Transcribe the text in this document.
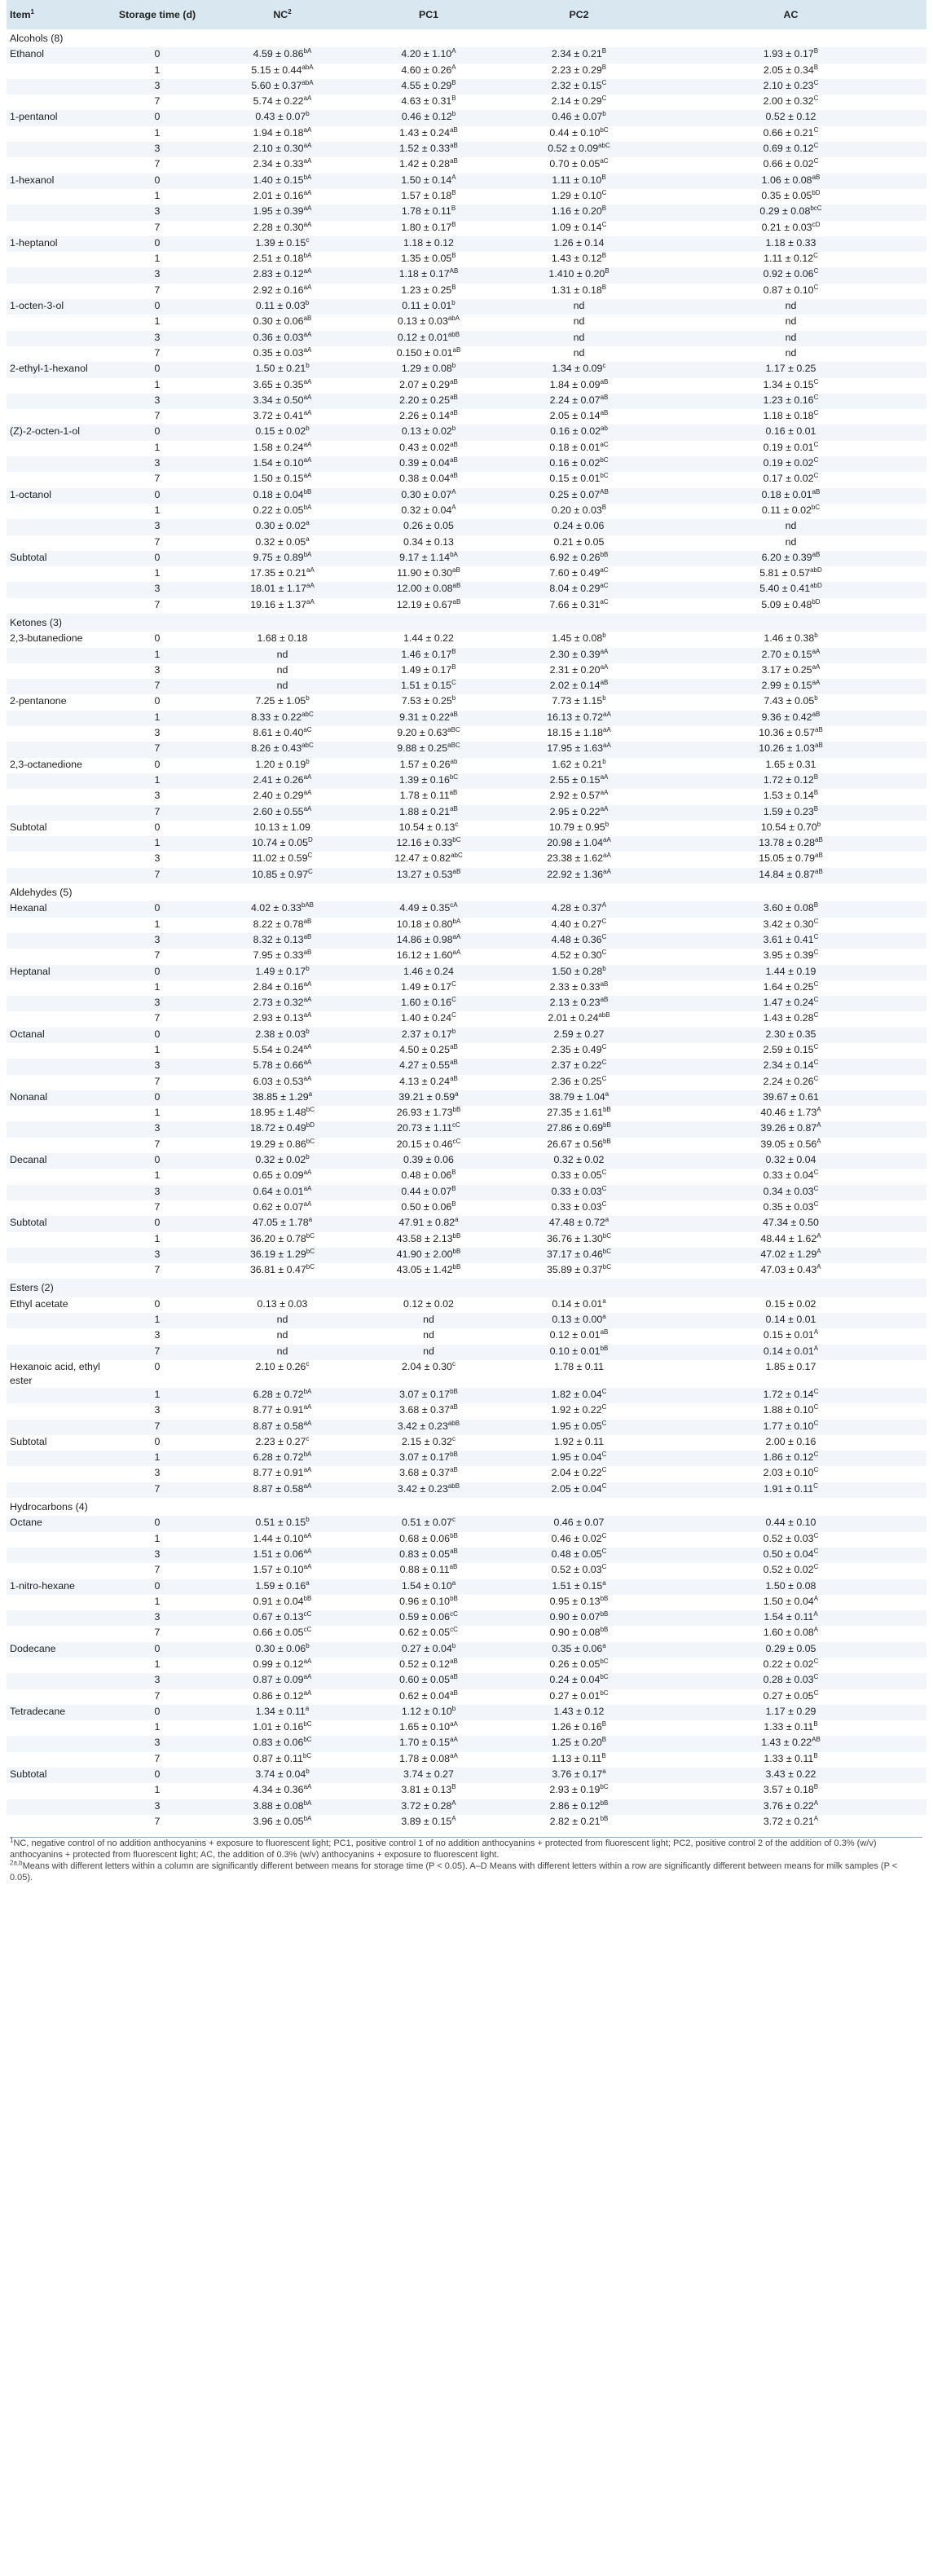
Item$^1$	Storage time (d)	$NC^2$	PC1	PC2	AC
Alcohols (8)					
Ethanol	0	$4.59 \pm 0.86^{bA}$	$4.20 \pm 1.10^A$	$2.34 \pm 0.21^B$	$1.93 \pm 0.17^B$
	1	$5.15 \pm 0.44^{abA}$	$4.60 \pm 0.26^A$	$2.23 \pm 0.29^B$	$2.05 \pm 0.34^B$
	3	$5.60 \pm 0.37^{abA}$	$4.55 \pm 0.29^B$	$2.32 \pm 0.15^C$	$2.10 \pm 0.23^C$
	7	$5.74 \pm 0.22^{aA}$	$4.63 \pm 0.31^B$	$2.14 \pm 0.29^C$	$2.00 \pm 0.32^C$
1-pentanol	0	0.43 ± 0.07$^b$	0.46 ± 0.12$^b$	0.46 ± 0.07$^b$	0.52 ± 0.12
	1	$1.94 \pm 0.18^{aA}$	$1.43 \pm 0.24^{aB}$	$0.44 \pm 0.10^{bC}$	$0.66 \pm 0.21^C$
	3	$2.10 \pm 0.30^{aA}$	$1.52 \pm 0.33^{aB}$	$0.52 \pm 0.09^{abC}$	$0.69 \pm 0.12^C$
	7	$2.34 \pm 0.33^{aA}$	$1.42 \pm 0.28^{aB}$	$0.70 \pm 0.05^{aC}$	$0.66 \pm 0.02^C$
1-hexanol	0	$1.40 \pm 0.15^{bA}$	$1.50 \pm 0.14^A$	$1.11 \pm 0.10^B$	$1.06 \pm 0.08^{aB}$
	1	$2.01 \pm 0.16^{aA}$	$1.57 \pm 0.18^B$	$1.29 \pm 0.10^C$	$0.35 \pm 0.05^{bD}$
	3	$1.95 \pm 0.39^{aA}$	$1.78 \pm 0.11^B$	$1.16 \pm 0.20^B$	$0.29 \pm 0.08^{bcC}$
	7	$2.28 \pm 0.30^{aA}$	$1.80 \pm 0.17^B$	$1.09 \pm 0.14^C$	$0.21 \pm 0.03^{cD}$
1-heptanol	0	1.39 ± 0.15$^c$	1.18 ± 0.12	1.26 ± 0.14	1.18 ± 0.33
	1	$2.51 \pm 0.18^{bA}$	$1.35 \pm 0.05^B$	$1.43 \pm 0.12^B$	$1.11 \pm 0.12^C$
	3	$2.83 \pm 0.12^{aA}$	$1.18 \pm 0.17^{AB}$	$1.410 \pm 0.20^B$	$0.92 \pm 0.06^C$
	7	$2.92 \pm 0.16^{aA}$	$1.23 \pm 0.25^B$	$1.31 \pm 0.18^B$	$0.87 \pm 0.10^C$
1-octen-3-ol	0	0.11 ± 0.03$^b$	0.11 ± 0.01$^b$	nd	nd
	1	$0.30 \pm 0.06^{aB}$	$0.13 \pm 0.03^{abA}$	nd	nd
	3	$0.36 \pm 0.03^{aA}$	$0.12 \pm 0.01^{abB}$	nd	nd
	7	$0.35 \pm 0.03^{aA}$	$0.150 \pm 0.01^{aB}$	nd	nd
2-ethyl-1-hexanol	0	1.50 ± 0.21$^b$	1.29 ± 0.08$^b$	1.34 ± 0.09$^c$	1.17 ± 0.25
	1	$3.65 \pm 0.35^{aA}$	$2.07 \pm 0.29^{aB}$	$1.84 \pm 0.09^{aB}$	$1.34 \pm 0.15^C$
	3	$3.34 \pm 0.50^{aA}$	$2.20 \pm 0.25^{aB}$	$2.24 \pm 0.07^{aB}$	$1.23 \pm 0.16^C$
	7	$3.72 \pm 0.41^{aA}$	$2.26 \pm 0.14^{aB}$	$2.05 \pm 0.14^{aB}$	$1.18 \pm 0.18^C$
(Z)-2-octen-1-ol	0	0.15 ± 0.02$^b$	0.13 ± 0.02$^b$	0.16 ± 0.02$^{ab}$	0.16 ± 0.01
	1	$1.58 \pm 0.24^{aA}$	$0.43 \pm 0.02^{aB}$	$0.18 \pm 0.01^{aC}$	$0.19 \pm 0.01^C$
	3	$1.54 \pm 0.10^{aA}$	$0.39 \pm 0.04^{aB}$	$0.16 \pm 0.02^{bC}$	$0.19 \pm 0.02^C$
	7	$1.50 \pm 0.15^{aA}$	$0.38 \pm 0.04^{aB}$	$0.15 \pm 0.01^{bC}$	$0.17 \pm 0.02^C$
1-octanol	0	$0.18 \pm 0.04^{bB}$	$0.30 \pm 0.07^A$	$0.25 \pm 0.07^{AB}$	$0.18 \pm 0.01^{aB}$
	1	$0.22 \pm 0.05^{bA}$	$0.32 \pm 0.04^A$	$0.20 \pm 0.03^B$	$0.11 \pm 0.02^{bC}$
	3	0.30 ± 0.02$^a$	0.26 ± 0.05	0.24 ± 0.06	nd
	7	0.32 ± 0.05$^a$	0.34 ± 0.13	0.21 ± 0.05	nd
Subtotal	0	$9.75 \pm 0.89^{bA}$	$9.17 \pm 1.14^{bA}$	$6.92 \pm 0.26^{bB}$	$6.20 \pm 0.39^{aB}$
	1	$17.35 \pm 0.21^{aA}$	$11.90 \pm 0.30^{aB}$	$7.60 \pm 0.49^{aC}$	$5.81 \pm 0.57^{abD}$
	3	$18.01 \pm 1.17^{aA}$	$12.00 \pm 0.08^{aB}$	$8.04 \pm 0.29^{aC}$	$5.40 \pm 0.41^{abD}$
	7	$19.16 \pm 1.37^{aA}$	$12.19 \pm 0.67^{aB}$	$7.66 \pm 0.31^{aC}$	$5.09 \pm 0.48^{bD}$
Ketones (3)					
2,3-butanedione	0	1.68 ± 0.18	1.44 ± 0.22	1.45 ± 0.08$^b$	1.46 ± 0.38$^b$
	1	nd	$1.46 \pm 0.17^B$	$2.30 \pm 0.39^{aA}$	$2.70 \pm 0.15^{aA}$
	3	nd	$1.49 \pm 0.17^B$	$2.31 \pm 0.20^{aA}$	$3.17 \pm 0.25^{aA}$
	7	nd	$1.51 \pm 0.15^C$	$2.02 \pm 0.14^{aB}$	$2.99 \pm 0.15^{aA}$
2-pentanone	0	7.25 ± 1.05$^b$	7.53 ± 0.25$^b$	7.73 ± 1.15$^b$	7.43 ± 0.05$^b$
	1	$8.33 \pm 0.22^{abC}$	$9.31 \pm 0.22^{aB}$	$16.13 \pm 0.72^{aA}$	$9.36 \pm 0.42^{aB}$
	3	$8.61 \pm 0.40^{aC}$	$9.20 \pm 0.63^{aBC}$	$18.15 \pm 1.18^{aA}$	$10.36 \pm 0.57^{aB}$
	7	$8.26 \pm 0.43^{abC}$	$9.88 \pm 0.25^{aBC}$	$17.95 \pm 1.63^{aA}$	$10.26 \pm 1.03^{aB}$
2,3-octanedione	0	1.20 ± 0.19$^b$	1.57 ± 0.26$^{ab}$	1.62 ± 0.21$^b$	1.65 ± 0.31
	1	$2.41 \pm 0.26^{aA}$	$1.39 \pm 0.16^{bC}$	$2.55 \pm 0.15^{aA}$	$1.72 \pm 0.12^B$
	3	$2.40 \pm 0.29^{aA}$	$1.78 \pm 0.11^{aB}$	$2.92 \pm 0.57^{aA}$	$1.53 \pm 0.14^B$
	7	$2.60 \pm 0.55^{aA}$	$1.88 \pm 0.21^{aB}$	$2.95 \pm 0.22^{aA}$	$1.59 \pm 0.23^B$
Subtotal	0	10.13 ± 1.09	10.54 ± 0.13$^c$	10.79 ± 0.95$^b$	10.54 ± 0.70$^b$
	1	$10.74 \pm 0.05^D$	$12.16 \pm 0.33^{bC}$	$20.98 \pm 1.04^{aA}$	$13.78 \pm 0.28^{aB}$
	3	$11.02 \pm 0.59^C$	$12.47 \pm 0.82^{abC}$	$23.38 \pm 1.62^{aA}$	$15.05 \pm 0.79^{aB}$
	7	$10.85 \pm 0.97^C$	$13.27 \pm 0.53^{aB}$	$22.92 \pm 1.36^{aA}$	$14.84 \pm 0.87^{aB}$
Aldehydes (5)					
Hexanal	0	$4.02 \pm 0.33^{bAB}$	$4.49 \pm 0.35^{cA}$	$4.28 \pm 0.37^A$	$3.60 \pm 0.08^B$
	1	$8.22 \pm 0.78^{aB}$	$10.18 \pm 0.80^{bA}$	$4.40 \pm 0.27^C$	$3.42 \pm 0.30^C$
	3	$8.32 \pm 0.13^{aB}$	$14.86 \pm 0.98^{aA}$	$4.48 \pm 0.36^C$	$3.61 \pm 0.41^C$
	7	$7.95 \pm 0.33^{aB}$	$16.12 \pm 1.60^{aA}$	$4.52 \pm 0.30^C$	$3.95 \pm 0.39^C$
Heptanal	0	1.49 ± 0.17$^b$	1.46 ± 0.24	1.50 ± 0.28$^b$	1.44 ± 0.19
	1	$2.84 \pm 0.16^{aA}$	$1.49 \pm 0.17^C$	$2.33 \pm 0.33^{aB}$	$1.64 \pm 0.25^C$
	3	$2.73 \pm 0.32^{aA}$	$1.60 \pm 0.16^C$	$2.13 \pm 0.23^{aB}$	$1.47 \pm 0.24^C$
	7	$2.93 \pm 0.13^{aA}$	$1.40 \pm 0.24^C$	$2.01 \pm 0.24^{abB}$	$1.43 \pm 0.28^C$
Octanal	0	2.38 ± 0.03$^b$	2.37 ± 0.17$^b$	2.59 ± 0.27	2.30 ± 0.35
	1	$5.54 \pm 0.24^{aA}$	$4.50 \pm 0.25^{aB}$	$2.35 \pm 0.49^C$	$2.59 \pm 0.15^C$
	3	$5.78 \pm 0.66^{aA}$	$4.27 \pm 0.55^{aB}$	$2.37 \pm 0.22^C$	$2.34 \pm 0.14^C$
	7	$6.03 \pm 0.53^{aA}$	$4.13 \pm 0.24^{aB}$	$2.36 \pm 0.25^C$	$2.24 \pm 0.26^C$
Nonanal	0	38.85 ± 1.29$^a$	39.21 ± 0.59$^a$	38.79 ± 1.04$^a$	39.67 ± 0.61
	1	$18.95 \pm 1.48^{bC}$	$26.93 \pm 1.73^{bB}$	$27.35 \pm 1.61^{bB}$	$40.46 \pm 1.73^A$
	3	$18.72 \pm 0.49^{bD}$	$20.73 \pm 1.11^{cC}$	$27.86 \pm 0.69^{bB}$	$39.26 \pm 0.87^A$
	7	$19.29 \pm 0.86^{bC}$	$20.15 \pm 0.46^{cC}$	$26.67 \pm 0.56^{bB}$	$39.05 \pm 0.56^A$
Decanal	0	0.32 ± 0.02$^b$	0.39 ± 0.06	0.32 ± 0.02	0.32 ± 0.04
	1	$0.65 \pm 0.09^{aA}$	$0.48 \pm 0.06^B$	$0.33 \pm 0.05^C$	$0.33 \pm 0.04^C$
	3	$0.64 \pm 0.01^{aA}$	$0.44 \pm 0.07^B$	$0.33 \pm 0.03^C$	$0.34 \pm 0.03^C$
	7	$0.62 \pm 0.07^{aA}$	$0.50 \pm 0.06^B$	$0.33 \pm 0.03^C$	$0.35 \pm 0.03^C$
Subtotal	0	47.05 ± 1.78$^a$	47.91 ± 0.82$^a$	47.48 ± 0.72$^a$	47.34 ± 0.50
	1	$36.20 \pm 0.78^{bC}$	$43.58 \pm 2.13^{bB}$	$36.76 \pm 1.30^{bC}$	$48.44 \pm 1.62^A$
	3	$36.19 \pm 1.29^{bC}$	$41.90 \pm 2.00^{bB}$	$37.17 \pm 0.46^{bC}$	$47.02 \pm 1.29^A$
	7	$36.81 \pm 0.47^{bC}$	$43.05 \pm 1.42^{bB}$	$35.89 \pm 0.37^{bC}$	$47.03 \pm 0.43^A$
Esters (2)					
Ethyl acetate	0	0.13 ± 0.03	0.12 ± 0.02	0.14 ± 0.01$^a$	0.15 ± 0.02
	1	nd	nd	0.13 ± 0.00$^a$	0.14 ± 0.01
	3	nd	nd	$0.12 \pm 0.01^{aB}$	$0.15 \pm 0.01^A$
	7	nd	nd	$0.10 \pm 0.01^{bB}$	$0.14 \pm 0.01^A$
Hexanoic acid, ethyl ester	0	2.10 ± 0.26$^c$	2.04 ± 0.30$^c$	1.78 ± 0.11	1.85 ± 0.17
	1	$6.28 \pm 0.72^{bA}$	$3.07 \pm 0.17^{bB}$	$1.82 \pm 0.04^C$	$1.72 \pm 0.14^C$
	3	$8.77 \pm 0.91^{aA}$	$3.68 \pm 0.37^{aB}$	$1.92 \pm 0.22^C$	$1.88 \pm 0.10^C$
	7	$8.87 \pm 0.58^{aA}$	$3.42 \pm 0.23^{abB}$	$1.95 \pm 0.05^C$	$1.77 \pm 0.10^C$
Subtotal	0	2.23 ± 0.27$^c$	2.15 ± 0.32$^c$	1.92 ± 0.11	2.00 ± 0.16
	1	$6.28 \pm 0.72^{bA}$	$3.07 \pm 0.17^{bB}$	$1.95 \pm 0.04^C$	$1.86 \pm 0.12^C$
	3	$8.77 \pm 0.91^{aA}$	$3.68 \pm 0.37^{aB}$	$2.04 \pm 0.22^C$	$2.03 \pm 0.10^C$
	7	$8.87 \pm 0.58^{aA}$	$3.42 \pm 0.23^{abB}$	$2.05 \pm 0.04^C$	$1.91 \pm 0.11^C$
Hydrocarbons (4)					
Octane	0	0.51 ± 0.15$^b$	0.51 ± 0.07$^c$	0.46 ± 0.07	0.44 ± 0.10
	1	$1.44 \pm 0.10^{aA}$	$0.68 \pm 0.06^{bB}$	$0.46 \pm 0.02^C$	$0.52 \pm 0.03^C$
	3	$1.51 \pm 0.06^{aA}$	$0.83 \pm 0.05^{aB}$	$0.48 \pm 0.05^C$	$0.50 \pm 0.04^C$
	7	$1.57 \pm 0.10^{aA}$	$0.88 \pm 0.11^{aB}$	$0.52 \pm 0.03^C$	$0.52 \pm 0.02^C$
1-nitro-hexane	0	1.59 ± 0.16$^a$	1.54 ± 0.10$^a$	1.51 ± 0.15$^a$	1.50 ± 0.08
	1	$0.91 \pm 0.04^{bB}$	$0.96 \pm 0.10^{bB}$	$0.95 \pm 0.13^{bB}$	$1.50 \pm 0.04^A$
	3	$0.67 \pm 0.13^{cC}$	$0.59 \pm 0.06^{cC}$	$0.90 \pm 0.07^{bB}$	$1.54 \pm 0.11^A$
	7	$0.66 \pm 0.05^{cC}$	$0.62 \pm 0.05^{cC}$	$0.90 \pm 0.08^{bB}$	$1.60 \pm 0.08^A$
Dodecane	0	0.30 ± 0.06$^b$	0.27 ± 0.04$^b$	0.35 ± 0.06$^a$	0.29 ± 0.05
	1	$0.99 \pm 0.12^{aA}$	$0.52 \pm 0.12^{aB}$	$0.26 \pm 0.05^{bC}$	$0.22 \pm 0.02^C$
	3	$0.87 \pm 0.09^{aA}$	$0.60 \pm 0.05^{aB}$	$0.24 \pm 0.04^{bC}$	$0.28 \pm 0.03^C$
	7	$0.86 \pm 0.12^{aA}$	$0.62 \pm 0.04^{aB}$	$0.27 \pm 0.01^{bC}$	$0.27 \pm 0.05^C$
Tetradecane	0	1.34 ± 0.11$^a$	1.12 ± 0.10$^b$	1.43 ± 0.12	1.17 ± 0.29
	1	$1.01 \pm 0.16^{bC}$	$1.65 \pm 0.10^{aA}$	$1.26 \pm 0.16^B$	$1.33 \pm 0.11^B$
	3	$0.83 \pm 0.06^{bC}$	$1.70 \pm 0.15^{aA}$	$1.25 \pm 0.20^B$	$1.43 \pm 0.22^{AB}$
	7	$0.87 \pm 0.11^{bC}$	$1.78 \pm 0.08^{aA}$	$1.13 \pm 0.11^B$	$1.33 \pm 0.11^B$
Subtotal	0	3.74 ± 0.04$^b$	3.74 ± 0.27	3.76 ± 0.17$^a$	3.43 ± 0.22
	1	$4.34 \pm 0.36^{aA}$	$3.81 \pm 0.13^B$	$2.93 \pm 0.19^{bC}$	$3.57 \pm 0.18^B$
	3	$3.88 \pm 0.08^{bA}$	$3.72 \pm 0.28^A$	$2.86 \pm 0.12^{bB}$	$3.76 \pm 0.22^A$
	7	$3.96 \pm 0.05^{bA}$	$3.89 \pm 0.15^A$	$2.82 \pm 0.21^{bB}$	$3.72 \pm 0.21^A$

$^1$NC, negative control of no addition anthocyanins + exposure to fluorescent light; PC1, positive control 1 of no addition anthocyanins + protected from fluorescent light; PC2, positive control 2 of the addition of 0.3% (w/v) anthocyanins + protected from fluorescent light; AC, the addition of 0.3% (w/v) anthocyanins + exposure to fluorescent light.

$^{2a,b}$Means with different letters within a column are significantly different between means for storage time (P < 0.05). A–D Means with different letters within a row are significantly different between means for milk samples (P < 0.05).
